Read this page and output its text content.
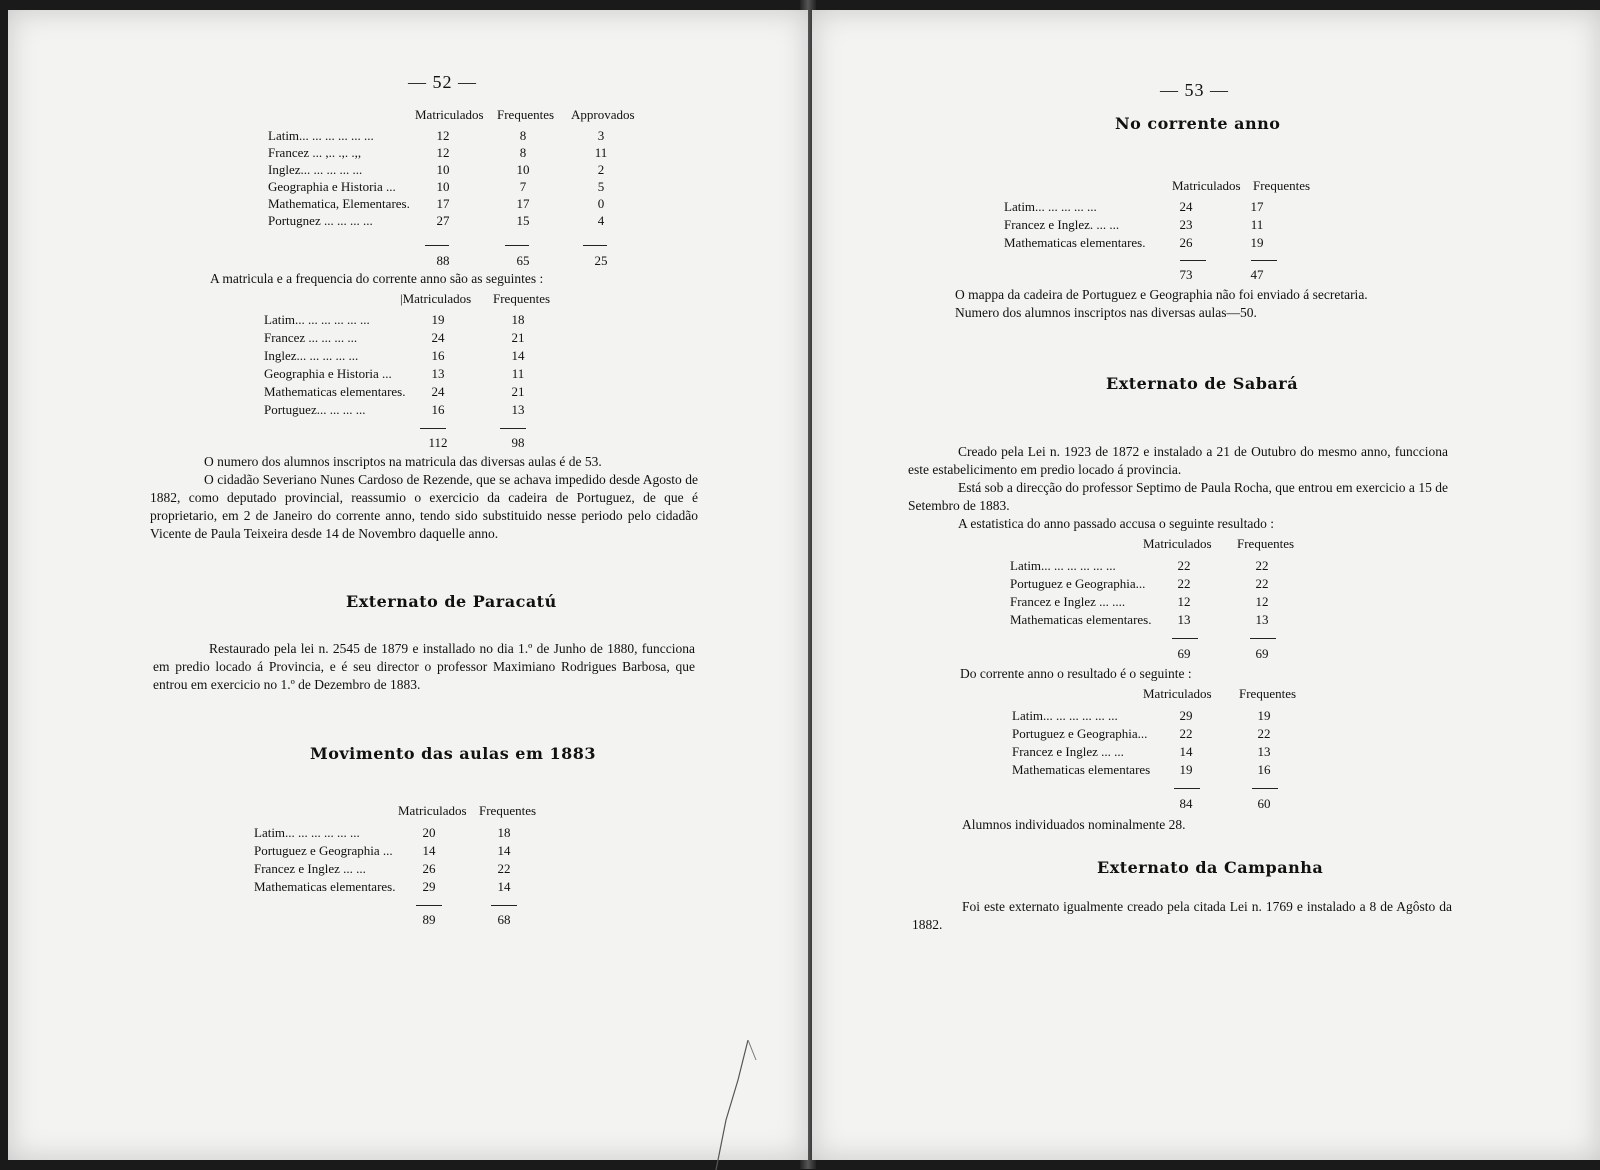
— 52 —
Matriculados Frequentes Approvados
Latim... ... ... ... ... ...	12	8	3
Francez ... ,.. .,. .,,	12	8	11
Inglez... ... ... ... ...	10	10	2
Geographia e Historia ...	10	7	5
Mathematica, Elementares.	17	17	0
Portugnez ... ... ... ...	27	15	4
88	65	25
A matricula e a frequencia do corrente anno são as seguintes :
|Matriculados Frequentes
Latim... ... ... ... ... ...	19	18
Francez ... ... ... ...	24	21
Inglez... ... ... ... ...	16	14
Geographia e Historia ...	13	11
Mathematicas elementares.	24	21
Portuguez... ... ... ...	16	13
112	98
O numero dos alumnos inscriptos na matricula das diversas aulas é de 53.
O cidadão Severiano Nunes Cardoso de Rezende, que se achava impedido desde Agosto de 1882, como deputado provincial, reassumio o exercicio da cadeira de Portuguez, de que é proprietario, em 2 de Janeiro do corrente anno, tendo sido substituido nesse periodo pelo cidadão Vicente de Paula Teixeira desde 14 de Novembro daquelle anno.
Externato de Paracatú
Restaurado pela lei n. 2545 de 1879 e installado no dia 1.º de Junho de 1880, funcciona em predio locado á Provincia, e é seu director o professor Maximiano Rodrigues Barbosa, que entrou em exercicio no 1.º de Dezembro de 1883.
Movimento das aulas em 1883
Matriculados Frequentes
Latim... ... ... ... ... ...	20	18
Portuguez e Geographia ...	14	14
Francez e Inglez ... ...	26	22
Mathematicas elementares.	29	14
89	68
— 53 —
No corrente anno
Matriculados Frequentes
Latim... ... ... ... ...	24	17
Francez e Inglez. ... ...	23	11
Mathematicas elementares.	26	19
73	47
O mappa da cadeira de Portuguez e Geographia não foi enviado á secretaria.
Numero dos alumnos inscriptos nas diversas aulas—50.
Externato de Sabará
Creado pela Lei n. 1923 de 1872 e instalado a 21 de Outubro do mesmo anno, funcciona este estabelicimento em predio locado á provincia.
Está sob a direcção do professor Septimo de Paula Rocha, que entrou em exercicio a 15 de Setembro de 1883.
A estatistica do anno passado accusa o seguinte resultado :
Matriculados Frequentes
Latim... ... ... ... ... ...	22	22
Portuguez e Geographia...	22	22
Francez e Inglez ... ....	12	12
Mathematicas elementares.	13	13
69	69
Do corrente anno o resultado é o seguinte :
Matriculados Frequentes
Latim... ... ... ... ... ...	29	19
Portuguez e Geographia...	22	22
Francez e Inglez ... ...	14	13
Mathematicas elementares	19	16
84	60
Alumnos individuados nominalmente 28.
Externato da Campanha
Foi este externato igualmente creado pela citada Lei n. 1769 e instalado a 8 de Agôsto da 1882.
